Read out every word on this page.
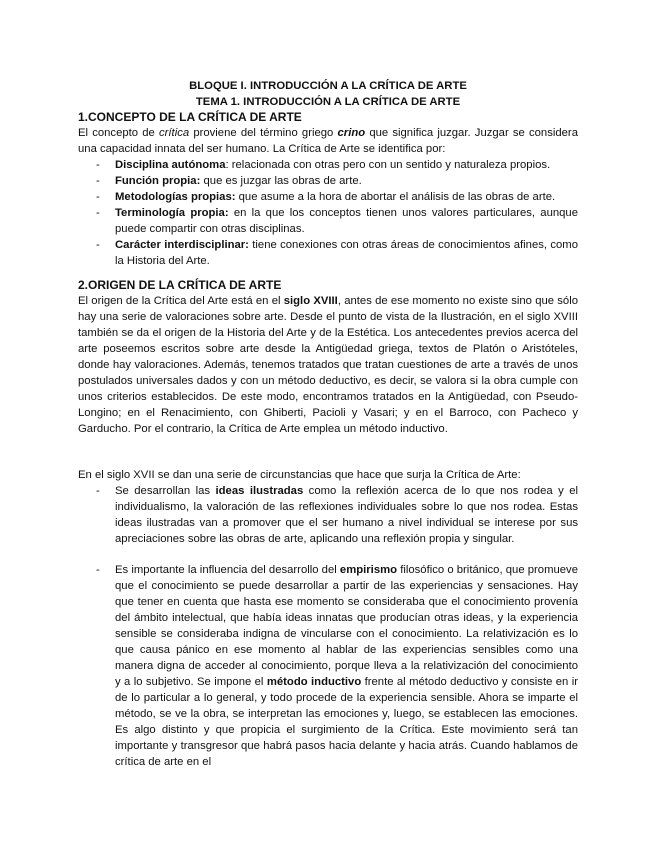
BLOQUE I. INTRODUCCIÓN A LA CRÍTICA DE ARTE
TEMA 1. INTRODUCCIÓN A LA CRÍTICA DE ARTE
1.CONCEPTO DE LA CRÍTICA DE ARTE
El concepto de crítica proviene del término griego crino que significa juzgar. Juzgar se considera una capacidad innata del ser humano. La Crítica de Arte se identifica por:
- Disciplina autónoma: relacionada con otras pero con un sentido y naturaleza propios.
- Función propia: que es juzgar las obras de arte.
- Metodologías propias: que asume a la hora de abortar el análisis de las obras de arte.
- Terminología propia: en la que los conceptos tienen unos valores particulares, aunque puede compartir con otras disciplinas.
- Carácter interdisciplinar: tiene conexiones con otras áreas de conocimientos afines, como la Historia del Arte.
2.ORIGEN DE LA CRÍTICA DE ARTE
El origen de la Crítica del Arte está en el siglo XVIII, antes de ese momento no existe sino que sólo hay una serie de valoraciones sobre arte. Desde el punto de vista de la Ilustración, en el siglo XVIII también se da el origen de la Historia del Arte y de la Estética. Los antecedentes previos acerca del arte poseemos escritos sobre arte desde la Antigüedad griega, textos de Platón o Aristóteles, donde hay valoraciones. Además, tenemos tratados que tratan cuestiones de arte a través de unos postulados universales dados y con un método deductivo, es decir, se valora si la obra cumple con unos criterios establecidos. De este modo, encontramos tratados en la Antigüedad, con Pseudo-Longino; en el Renacimiento, con Ghiberti, Pacioli y Vasari; y en el Barroco, con Pacheco y Garducho. Por el contrario, la Crítica de Arte emplea un método inductivo.
En el siglo XVII se dan una serie de circunstancias que hace que surja la Crítica de Arte:
- Se desarrollan las ideas ilustradas como la reflexión acerca de lo que nos rodea y el individualismo, la valoración de las reflexiones individuales sobre lo que nos rodea. Estas ideas ilustradas van a promover que el ser humano a nivel individual se interese por sus apreciaciones sobre las obras de arte, aplicando una reflexión propia y singular.
- Es importante la influencia del desarrollo del empirismo filosófico o británico, que promueve que el conocimiento se puede desarrollar a partir de las experiencias y sensaciones. Hay que tener en cuenta que hasta ese momento se consideraba que el conocimiento provenía del ámbito intelectual, que había ideas innatas que producían otras ideas, y la experiencia sensible se consideraba indigna de vincularse con el conocimiento. La relativización es lo que causa pánico en ese momento al hablar de las experiencias sensibles como una manera digna de acceder al conocimiento, porque lleva a la relativización del conocimiento y a lo subjetivo. Se impone el método inductivo frente al método deductivo y consiste en ir de lo particular a lo general, y todo procede de la experiencia sensible. Ahora se imparte el método, se ve la obra, se interpretan las emociones y, luego, se establecen las emociones. Es algo distinto y que propicia el surgimiento de la Crítica. Este movimiento será tan importante y transgresor que habrá pasos hacia delante y hacia atrás. Cuando hablamos de crítica de arte en el
